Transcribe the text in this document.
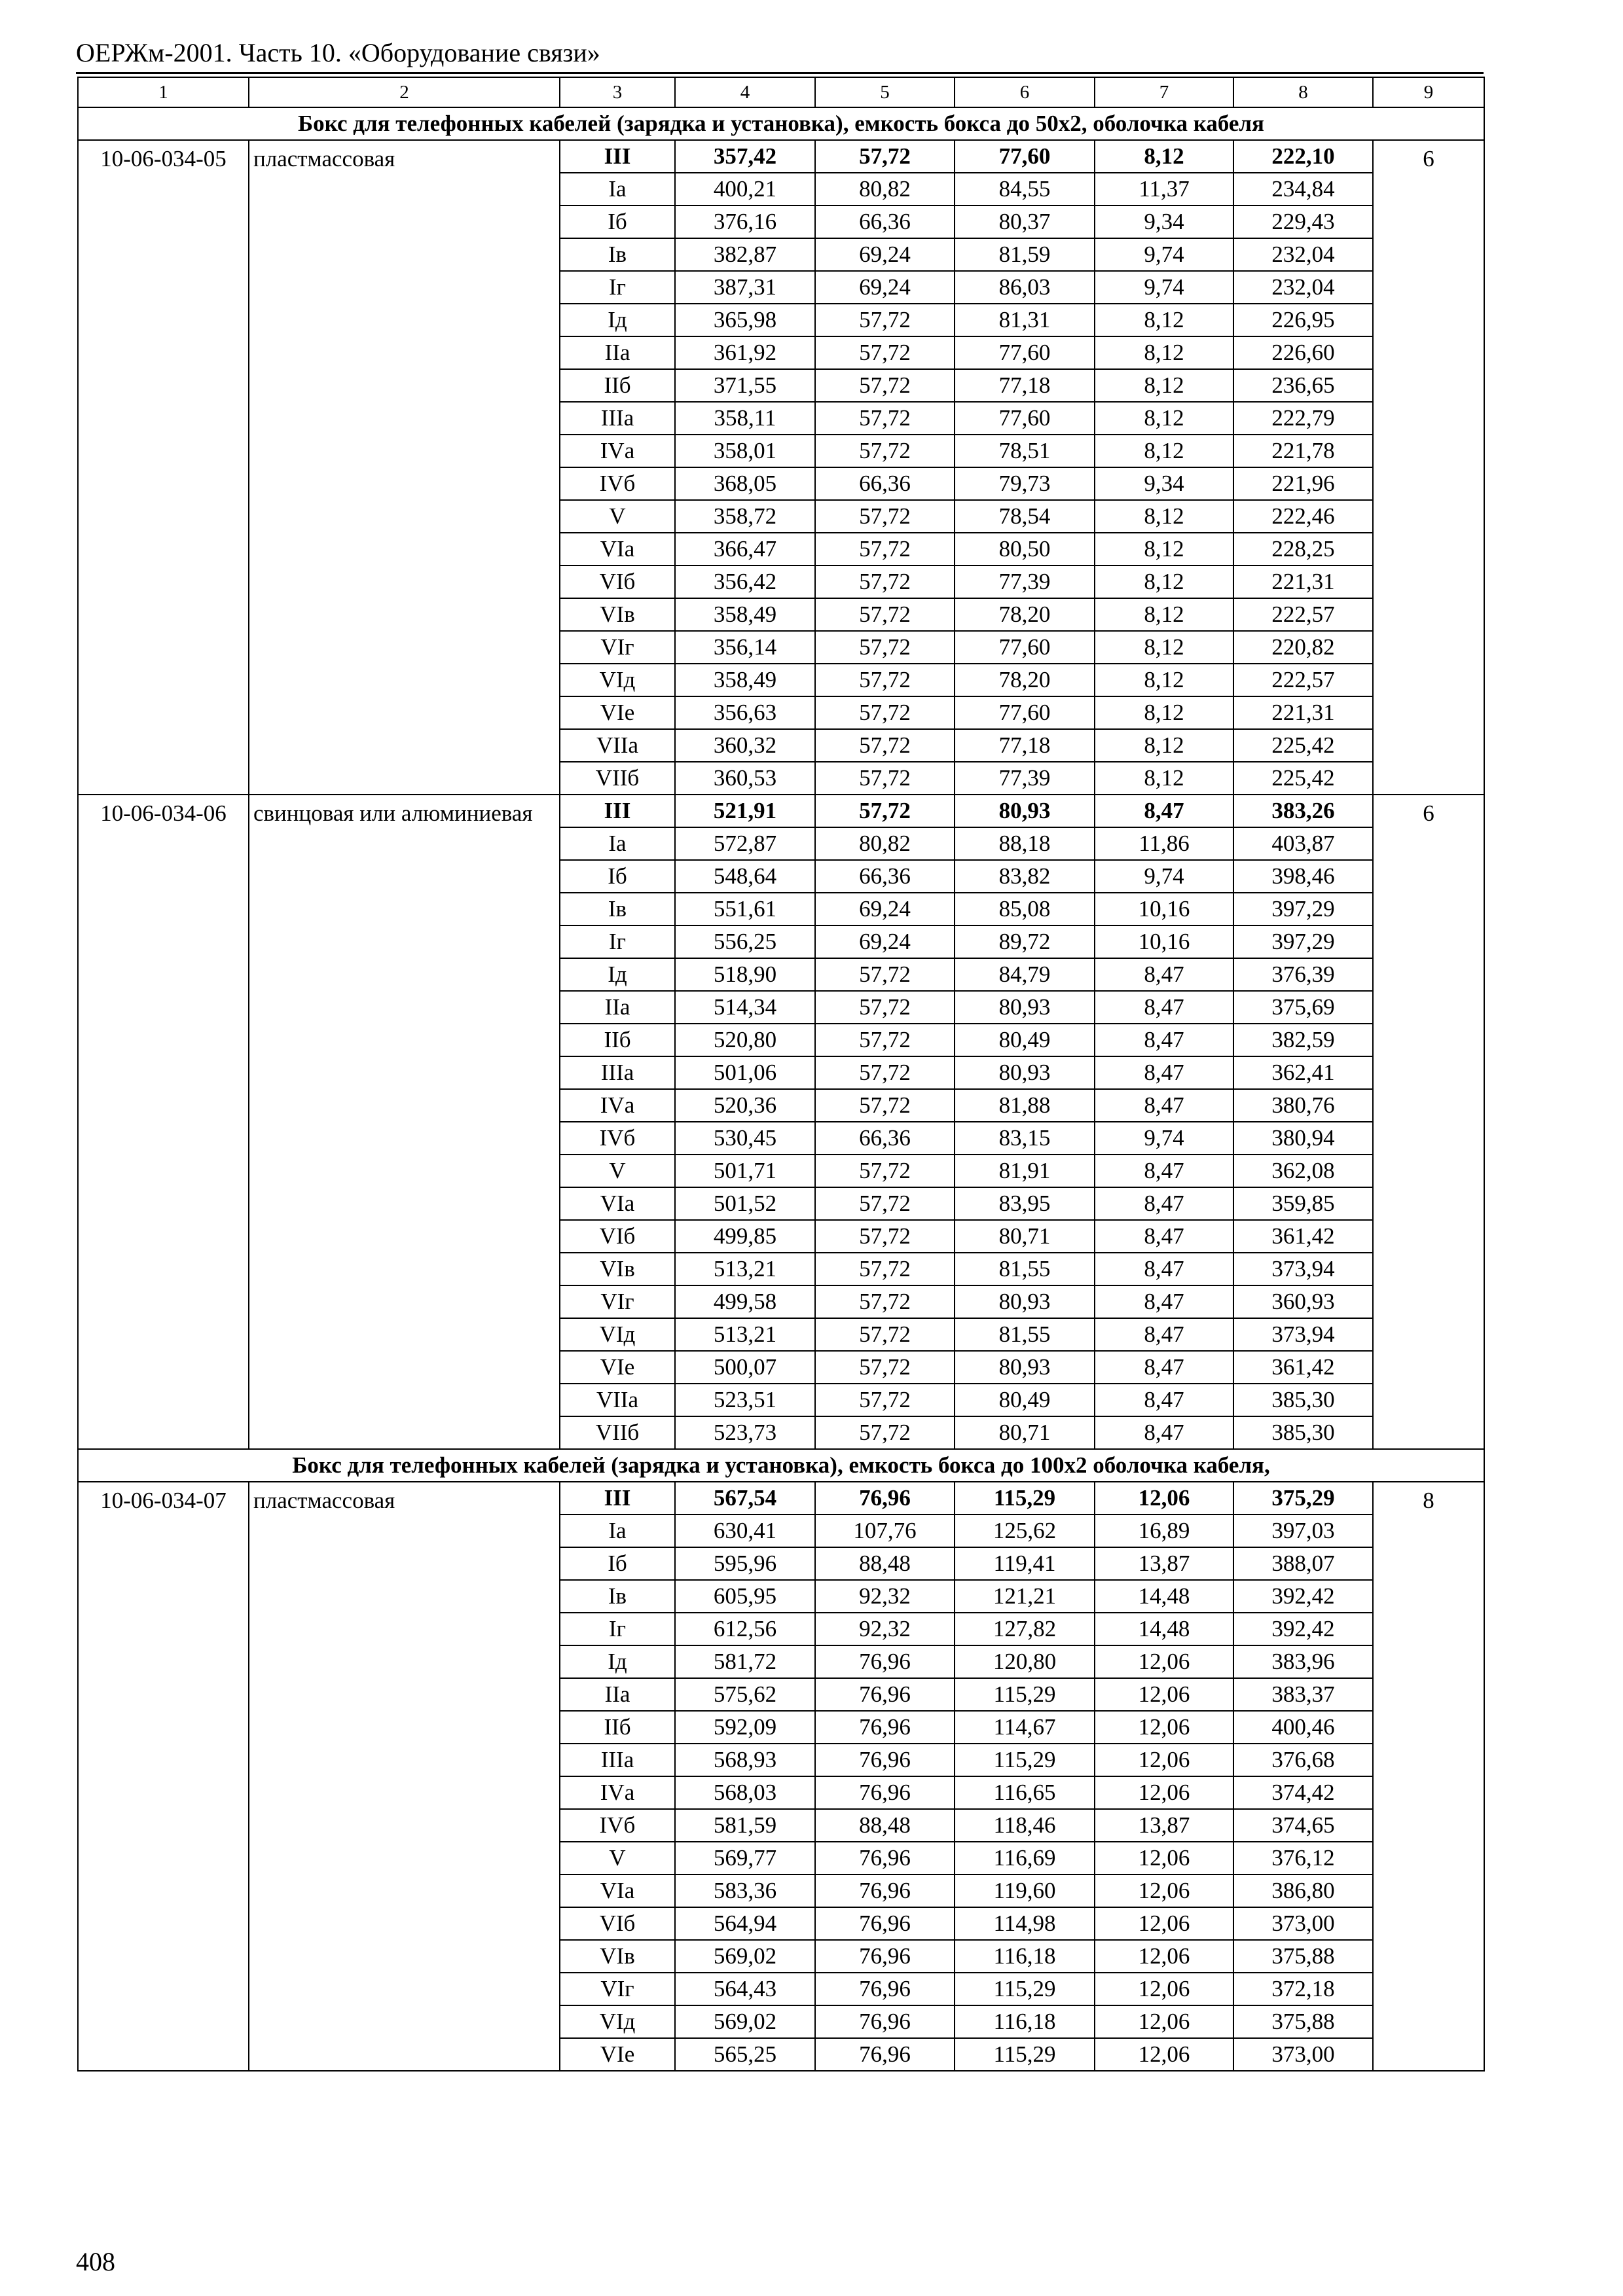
ОЕРЖм-2001. Часть 10. «Оборудование связи»
1	2	3	4	5	6	7	8	9
Бокс для телефонных кабелей (зарядка и установка), емкость бокса до 50х2, оболочка кабеля								
10-06-034-05	пластмассовая	III	357,42	57,72	77,60	8,12	222,10	6
		Iа	400,21	80,82	84,55	11,37	234,84	
		Iб	376,16	66,36	80,37	9,34	229,43	
		Iв	382,87	69,24	81,59	9,74	232,04	
		Iг	387,31	69,24	86,03	9,74	232,04	
		Iд	365,98	57,72	81,31	8,12	226,95	
		IIа	361,92	57,72	77,60	8,12	226,60	
		IIб	371,55	57,72	77,18	8,12	236,65	
		IIIа	358,11	57,72	77,60	8,12	222,79	
		IVа	358,01	57,72	78,51	8,12	221,78	
		IVб	368,05	66,36	79,73	9,34	221,96	
		V	358,72	57,72	78,54	8,12	222,46	
		VIа	366,47	57,72	80,50	8,12	228,25	
		VIб	356,42	57,72	77,39	8,12	221,31	
		VIв	358,49	57,72	78,20	8,12	222,57	
		VIг	356,14	57,72	77,60	8,12	220,82	
		VIд	358,49	57,72	78,20	8,12	222,57	
		VIе	356,63	57,72	77,60	8,12	221,31	
		VIIа	360,32	57,72	77,18	8,12	225,42	
		VIIб	360,53	57,72	77,39	8,12	225,42	
10-06-034-06	свинцовая или алюминиевая	III	521,91	57,72	80,93	8,47	383,26	6
		Iа	572,87	80,82	88,18	11,86	403,87	
		Iб	548,64	66,36	83,82	9,74	398,46	
		Iв	551,61	69,24	85,08	10,16	397,29	
		Iг	556,25	69,24	89,72	10,16	397,29	
		Iд	518,90	57,72	84,79	8,47	376,39	
		IIа	514,34	57,72	80,93	8,47	375,69	
		IIб	520,80	57,72	80,49	8,47	382,59	
		IIIа	501,06	57,72	80,93	8,47	362,41	
		IVа	520,36	57,72	81,88	8,47	380,76	
		IVб	530,45	66,36	83,15	9,74	380,94	
		V	501,71	57,72	81,91	8,47	362,08	
		VIа	501,52	57,72	83,95	8,47	359,85	
		VIб	499,85	57,72	80,71	8,47	361,42	
		VIв	513,21	57,72	81,55	8,47	373,94	
		VIг	499,58	57,72	80,93	8,47	360,93	
		VIд	513,21	57,72	81,55	8,47	373,94	
		VIе	500,07	57,72	80,93	8,47	361,42	
		VIIа	523,51	57,72	80,49	8,47	385,30	
		VIIб	523,73	57,72	80,71	8,47	385,30	
Бокс для телефонных кабелей (зарядка и установка), емкость бокса до 100х2 оболочка кабеля,								
10-06-034-07	пластмассовая	III	567,54	76,96	115,29	12,06	375,29	8
		Iа	630,41	107,76	125,62	16,89	397,03	
		Iб	595,96	88,48	119,41	13,87	388,07	
		Iв	605,95	92,32	121,21	14,48	392,42	
		Iг	612,56	92,32	127,82	14,48	392,42	
		Iд	581,72	76,96	120,80	12,06	383,96	
		IIа	575,62	76,96	115,29	12,06	383,37	
		IIб	592,09	76,96	114,67	12,06	400,46	
		IIIа	568,93	76,96	115,29	12,06	376,68	
		IVа	568,03	76,96	116,65	12,06	374,42	
		IVб	581,59	88,48	118,46	13,87	374,65	
		V	569,77	76,96	116,69	12,06	376,12	
		VIа	583,36	76,96	119,60	12,06	386,80	
		VIб	564,94	76,96	114,98	12,06	373,00	
		VIв	569,02	76,96	116,18	12,06	375,88	
		VIг	564,43	76,96	115,29	12,06	372,18	
		VIд	569,02	76,96	116,18	12,06	375,88	
		VIе	565,25	76,96	115,29	12,06	373,00	
408
